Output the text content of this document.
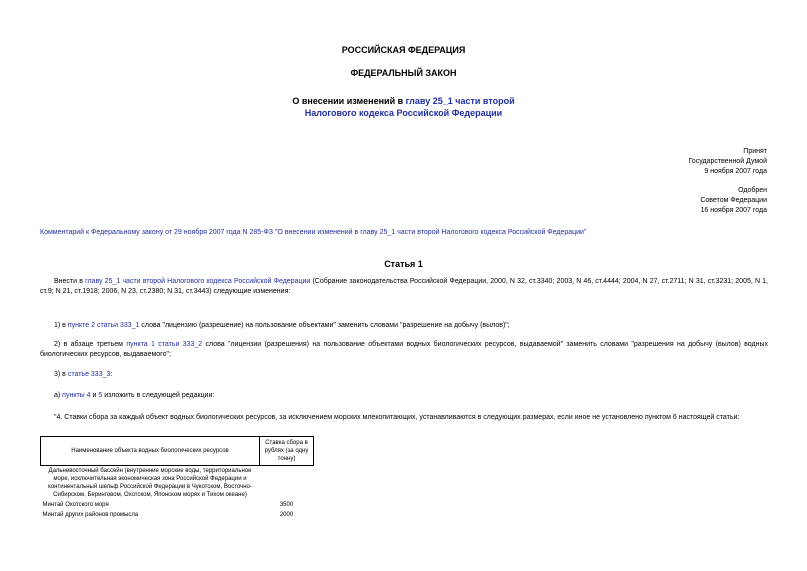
РОССИЙСКАЯ ФЕДЕРАЦИЯ
ФЕДЕРАЛЬНЫЙ ЗАКОН
О внесении изменений в главу 25_1 части второй
Налогового кодекса Российской Федерации
Принят
Государственной Думой
9 ноября 2007 года
Одобрен
Советом Федерации
16 ноября 2007 года
Комментарий к Федеральному закону от 29 ноября 2007 года N 285-ФЗ "О внесении изменений в главу 25_1 части второй Налогового кодекса Российской Федерации"
Статья 1
Внести в главу 25_1 части второй Налогового кодекса Российской Федерации (Собрание законодательства Российской Федерации, 2000, N 32, ст.3340; 2003, N 46, ст.4444; 2004, N 27, ст.2711; N 31, ст.3231; 2005, N 1, ст.9; N 21, ст.1918; 2006, N 23, ст.2380; N 31, ст.3443) следующие изменения:
1) в пункте 2 статьи 333_1 слова "лицензию (разрешение) на пользование объектами" заменить словами "разрешение на добычу (вылов)";
2) в абзаце третьем пункта 1 статьи 333_2 слова "лицензии (разрешения) на пользование объектами водных биологических ресурсов, выдаваемой" заменить словами "разрешения на добычу (вылов) водных биологических ресурсов, выдаваемого";
3) в статье 333_3:
а) пункты 4 и 5 изложить в следующей редакции:
"4. Ставки сбора за каждый объект водных биологических ресурсов, за исключением морских млекопитающих, устанавливаются в следующих размерах, если иное не установлено пунктом 6 настоящей статьи:
Наименование объекта водных биологических ресурсов	Ставка сбора в рублях (за одну тонну)
Дальневосточный бассейн (внутренние морские воды, территориальное море, исключительная экономическая зона Российской Федерации и континентальный шельф Российской Федерации в Чукотском, Восточно-Сибирском, Беринговом, Охотском, Японском морях и Тихом океане)	
Минтай Охотского моря	3500
Минтай других районов промысла	2000
